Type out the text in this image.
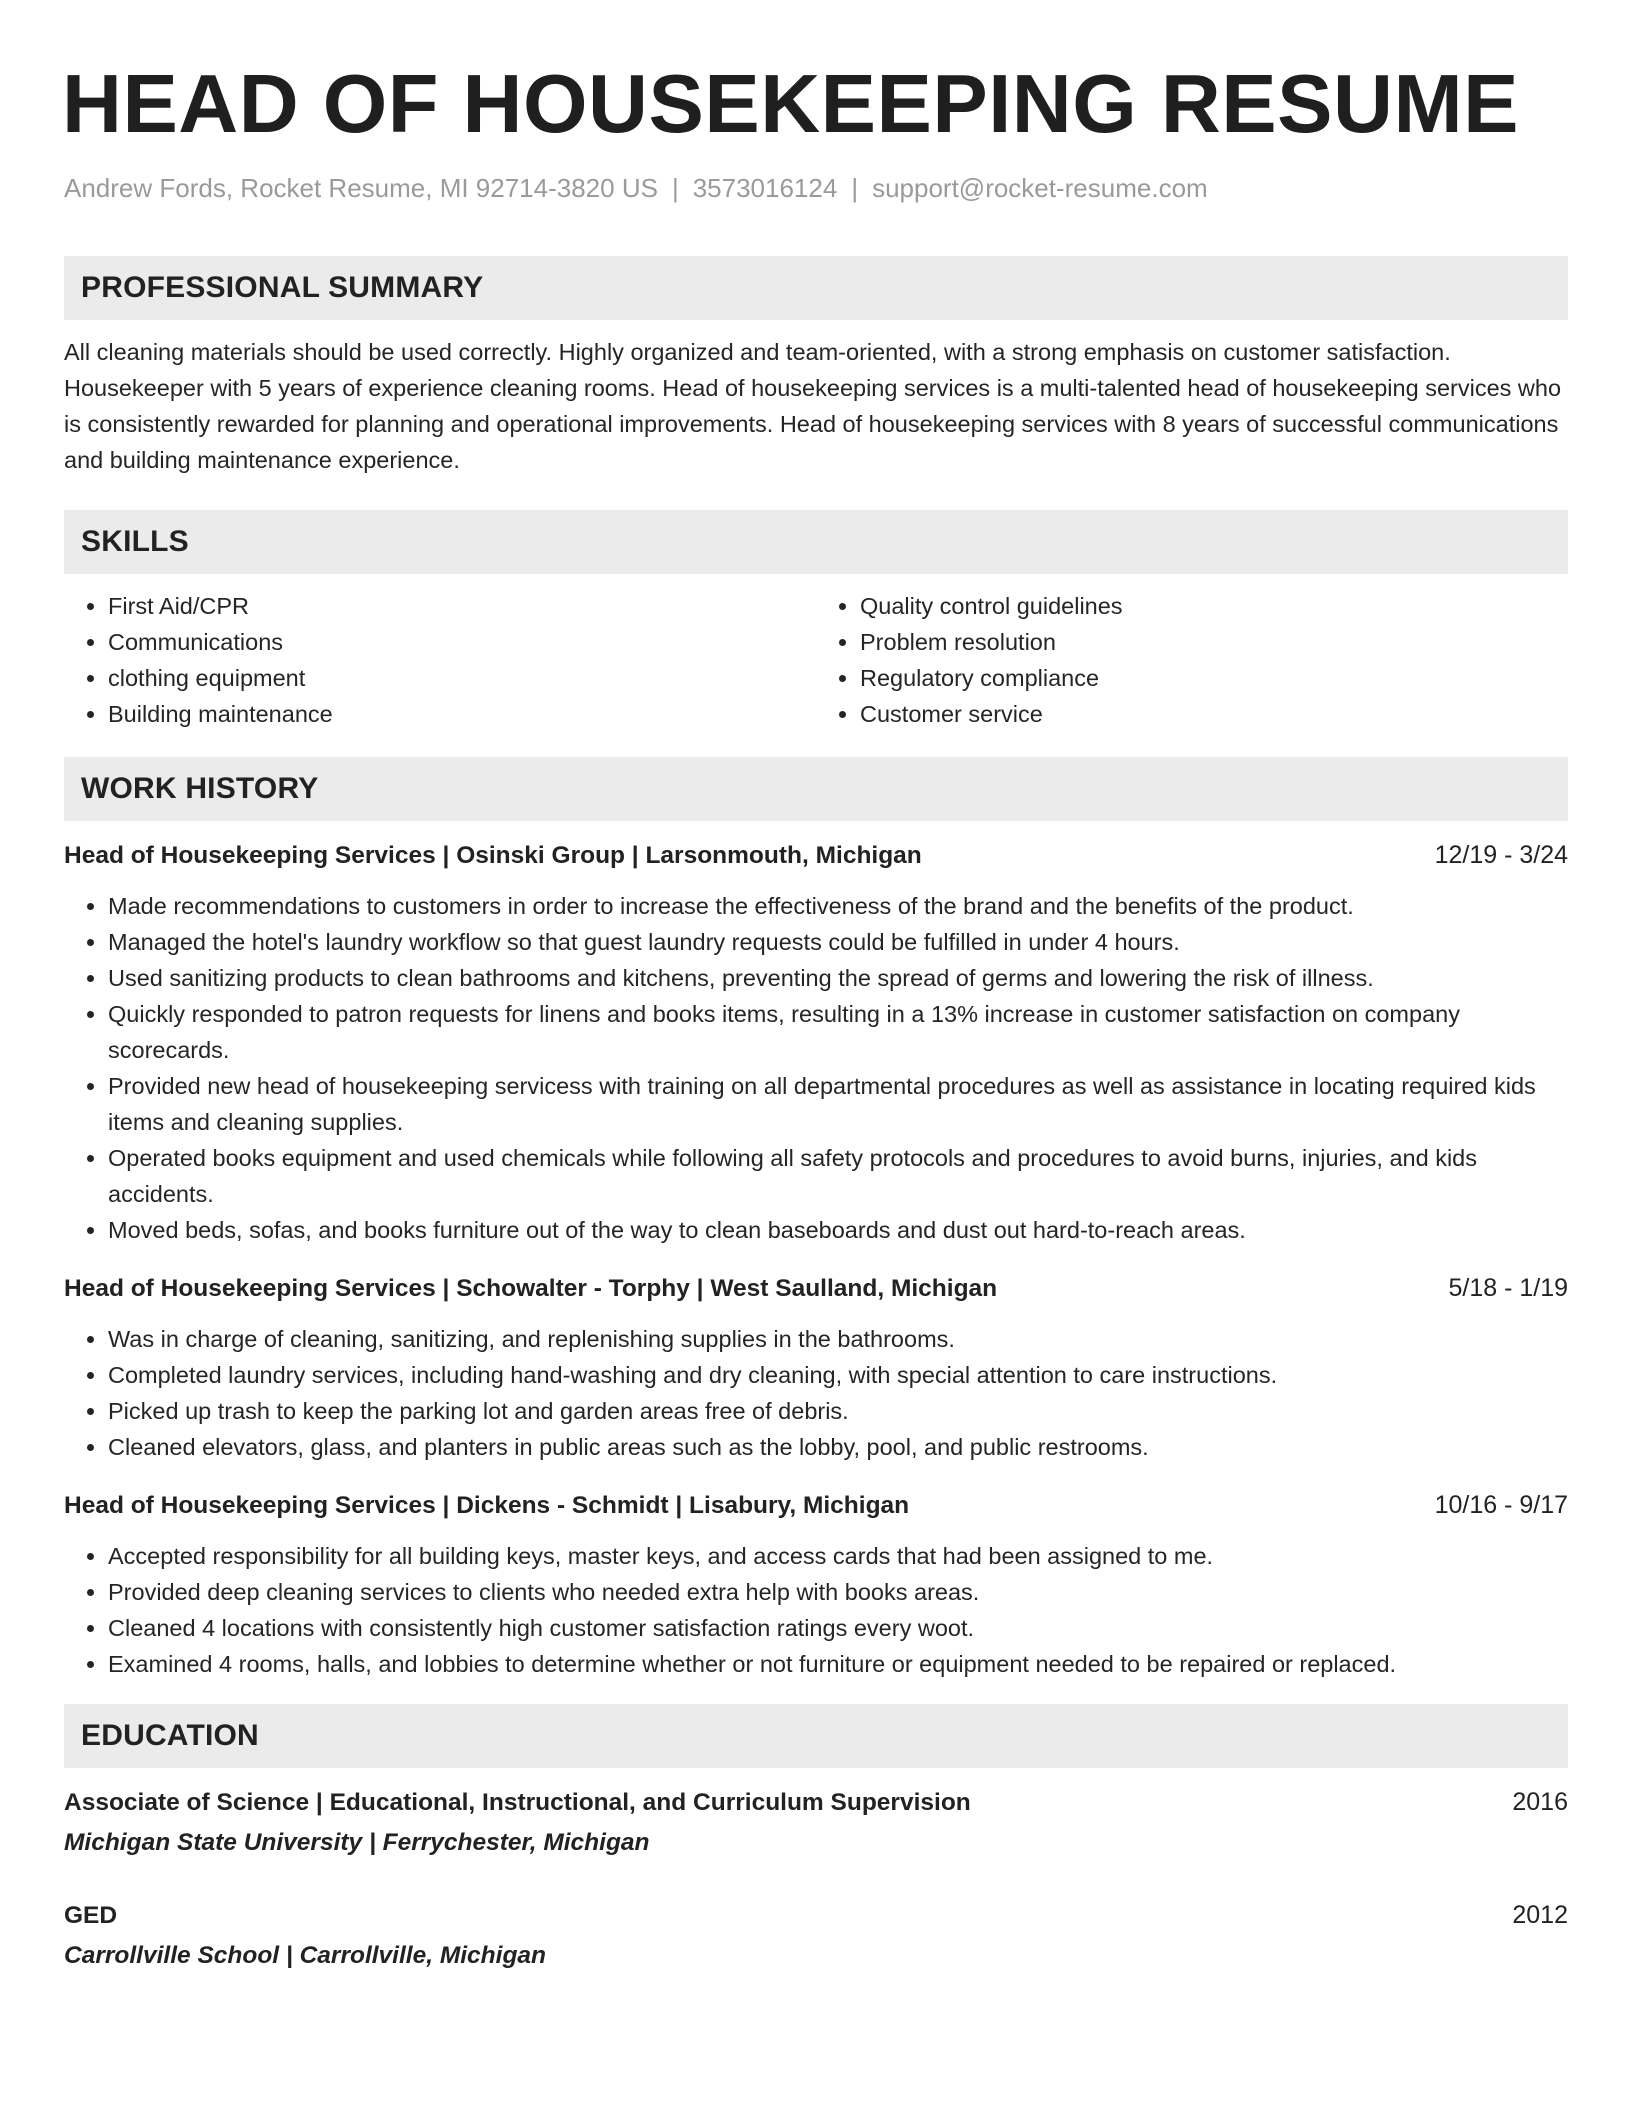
HEAD OF HOUSEKEEPING RESUME
Andrew Fords, Rocket Resume, MI 92714-3820 US | 3573016124 | support@rocket-resume.com
PROFESSIONAL SUMMARY
All cleaning materials should be used correctly. Highly organized and team-oriented, with a strong emphasis on customer satisfaction. Housekeeper with 5 years of experience cleaning rooms. Head of housekeeping services is a multi-talented head of housekeeping services who is consistently rewarded for planning and operational improvements. Head of housekeeping services with 8 years of successful communications and building maintenance experience.
SKILLS
• First Aid/CPR
• Communications
• clothing equipment
• Building maintenance
• Quality control guidelines
• Problem resolution
• Regulatory compliance
• Customer service
WORK HISTORY
Head of Housekeeping Services | Osinski Group | Larsonmouth, Michigan	12/19 - 3/24
• Made recommendations to customers in order to increase the effectiveness of the brand and the benefits of the product.
• Managed the hotel's laundry workflow so that guest laundry requests could be fulfilled in under 4 hours.
• Used sanitizing products to clean bathrooms and kitchens, preventing the spread of germs and lowering the risk of illness.
• Quickly responded to patron requests for linens and books items, resulting in a 13% increase in customer satisfaction on company scorecards.
• Provided new head of housekeeping servicess with training on all departmental procedures as well as assistance in locating required kids items and cleaning supplies.
• Operated books equipment and used chemicals while following all safety protocols and procedures to avoid burns, injuries, and kids accidents.
• Moved beds, sofas, and books furniture out of the way to clean baseboards and dust out hard-to-reach areas.
Head of Housekeeping Services | Schowalter - Torphy | West Saulland, Michigan	5/18 - 1/19
• Was in charge of cleaning, sanitizing, and replenishing supplies in the bathrooms.
• Completed laundry services, including hand-washing and dry cleaning, with special attention to care instructions.
• Picked up trash to keep the parking lot and garden areas free of debris.
• Cleaned elevators, glass, and planters in public areas such as the lobby, pool, and public restrooms.
Head of Housekeeping Services | Dickens - Schmidt | Lisabury, Michigan	10/16 - 9/17
• Accepted responsibility for all building keys, master keys, and access cards that had been assigned to me.
• Provided deep cleaning services to clients who needed extra help with books areas.
• Cleaned 4 locations with consistently high customer satisfaction ratings every woot.
• Examined 4 rooms, halls, and lobbies to determine whether or not furniture or equipment needed to be repaired or replaced.
EDUCATION
Associate of Science | Educational, Instructional, and Curriculum Supervision	2016
Michigan State University | Ferrychester, Michigan
GED	2012
Carrollville School | Carrollville, Michigan
